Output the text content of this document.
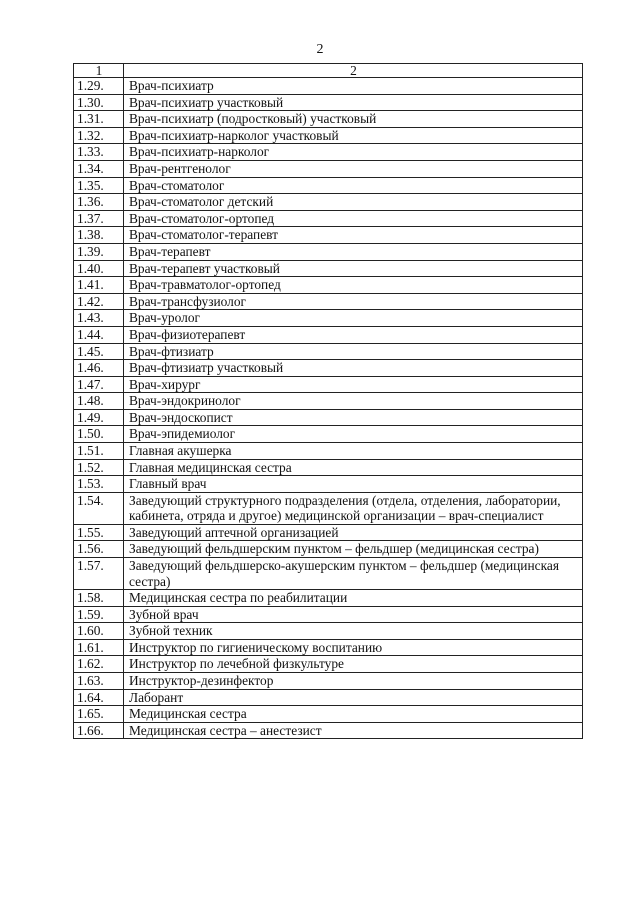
2
1	2
1.29.	Врач-психиатр
1.30.	Врач-психиатр участковый
1.31.	Врач-психиатр (подростковый) участковый
1.32.	Врач-психиатр-нарколог участковый
1.33.	Врач-психиатр-нарколог
1.34.	Врач-рентгенолог
1.35.	Врач-стоматолог
1.36.	Врач-стоматолог детский
1.37.	Врач-стоматолог-ортопед
1.38.	Врач-стоматолог-терапевт
1.39.	Врач-терапевт
1.40.	Врач-терапевт участковый
1.41.	Врач-травматолог-ортопед
1.42.	Врач-трансфузиолог
1.43.	Врач-уролог
1.44.	Врач-физиотерапевт
1.45.	Врач-фтизиатр
1.46.	Врач-фтизиатр участковый
1.47.	Врач-хирург
1.48.	Врач-эндокринолог
1.49.	Врач-эндоскопист
1.50.	Врач-эпидемиолог
1.51.	Главная акушерка
1.52.	Главная медицинская сестра
1.53.	Главный врач
1.54.	Заведующий структурного подразделения (отдела, отделения, лаборатории, кабинета, отряда и другое) медицинской организации – врач-специалист
1.55.	Заведующий аптечной организацией
1.56.	Заведующий фельдшерским пунктом – фельдшер (медицинская сестра)
1.57.	Заведующий фельдшерско-акушерским пунктом – фельдшер (медицинская сестра)
1.58.	Медицинская сестра по реабилитации
1.59.	Зубной врач
1.60.	Зубной техник
1.61.	Инструктор по гигиеническому воспитанию
1.62.	Инструктор по лечебной физкультуре
1.63.	Инструктор-дезинфектор
1.64.	Лаборант
1.65.	Медицинская сестра
1.66.	Медицинская сестра – анестезист
